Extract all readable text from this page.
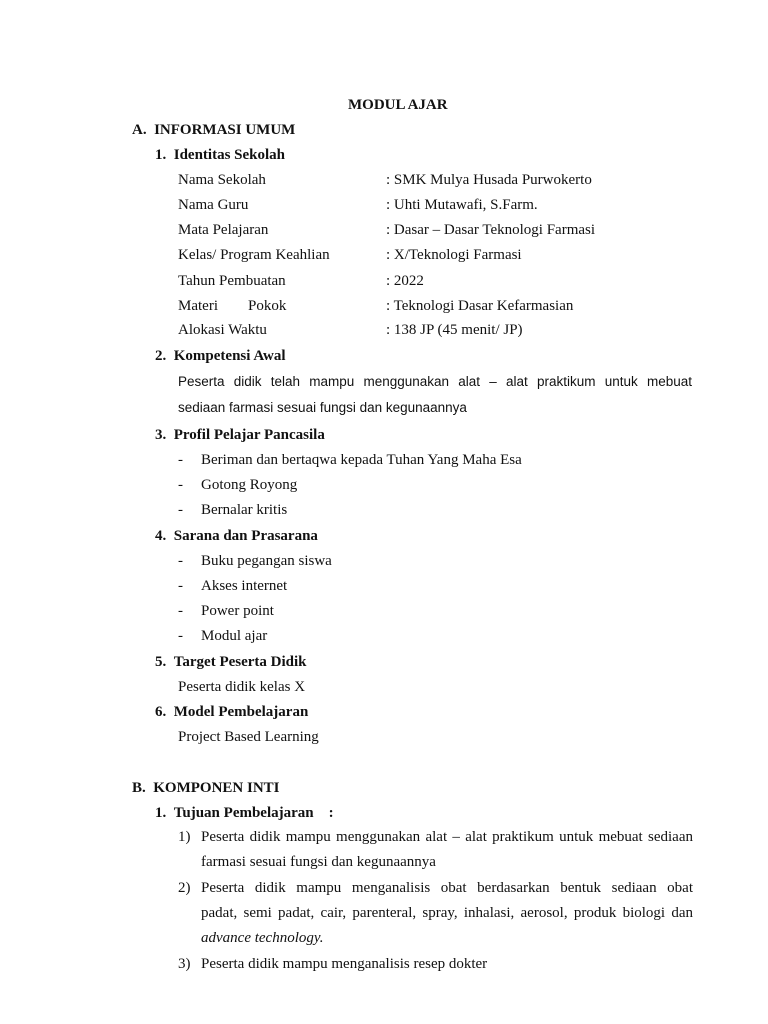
MODUL AJAR
A.  INFORMASI UMUM
1.  Identitas Sekolah
Nama Sekolah	: SMK Mulya Husada Purwokerto
Nama Guru	: Uhti Mutawafi, S.Farm.
Mata Pelajaran	: Dasar – Dasar Teknologi Farmasi
Kelas/ Program Keahlian	: X/Teknologi Farmasi
Tahun Pembuatan	: 2022
Materi        Pokok	: Teknologi Dasar Kefarmasian
Alokasi Waktu	: 138 JP (45 menit/ JP)
2.  Kompetensi Awal
Peserta didik telah mampu menggunakan alat – alat praktikum untuk mebuat
sediaan farmasi sesuai fungsi dan kegunaannya
3.  Profil Pelajar Pancasila
- Beriman dan bertaqwa kepada Tuhan Yang Maha Esa
- Gotong Royong
- Bernalar kritis
4.  Sarana dan Prasarana
- Buku pegangan siswa
- Akses internet
- Power point
- Modul ajar
5.  Target Peserta Didik
Peserta didik kelas X
6.  Model Pembelajaran
Project Based Learning
B.  KOMPONEN INTI
1.  Tujuan Pembelajaran    :
1) Peserta didik mampu menggunakan alat – alat praktikum untuk mebuat sediaan
farmasi sesuai fungsi dan kegunaannya
2) Peserta didik mampu menganalisis obat berdasarkan bentuk sediaan obat
padat, semi padat, cair, parenteral, spray, inhalasi, aerosol, produk biologi dan
advance technology.
3) Peserta didik mampu menganalisis resep dokter
